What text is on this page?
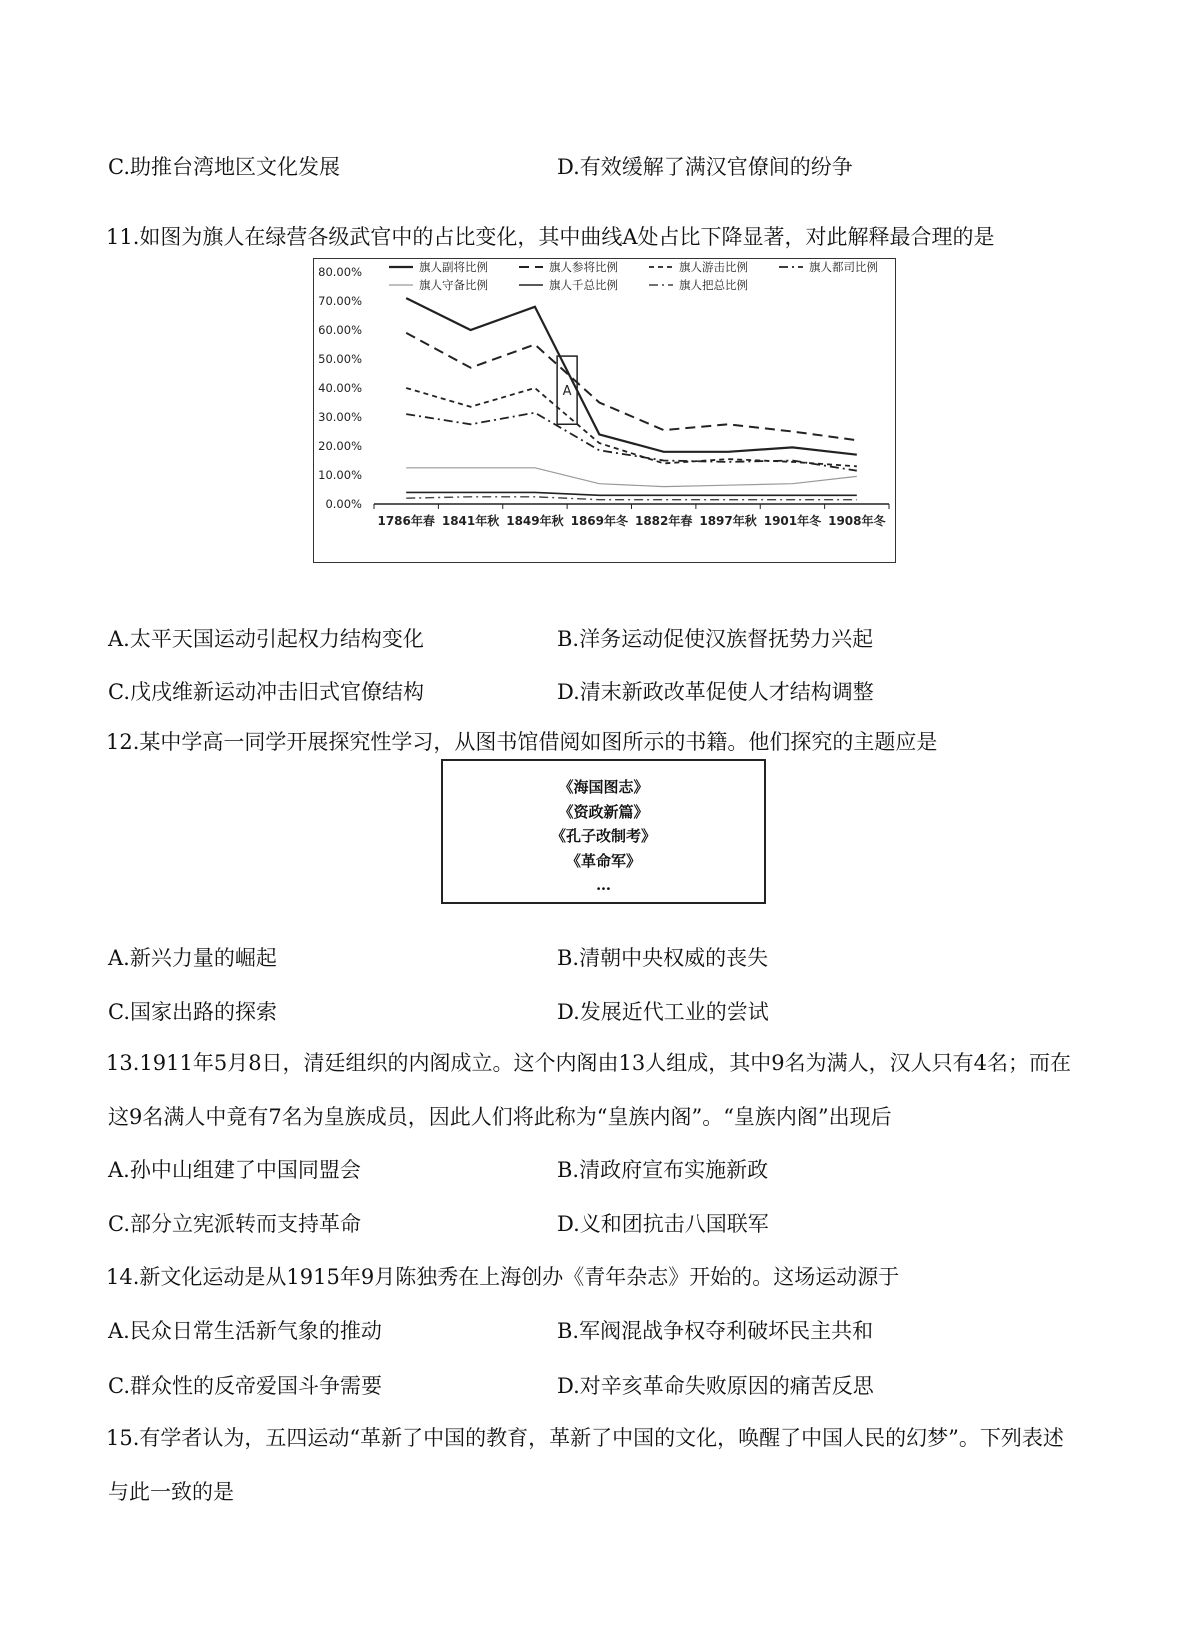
C.助推台湾地区文化发展	D.有效缓解了满汉官僚间的纷争
11.如图为旗人在绿营各级武官中的占比变化，其中曲线A处占比下降显著，对此解释最合理的是
0.00%
10.00%
20.00%
30.00%
40.00%
50.00%
60.00%
70.00%
80.00%
1786年春 1841年秋 1849年秋 1869年冬 1882年春 1897年秋 1901年冬 1908年冬
A
旗人副将比例	旗人参将比例	旗人游击比例	旗人都司比例
旗人守备比例	旗人千总比例	旗人把总比例
A.太平天国运动引起权力结构变化	B.洋务运动促使汉族督抚势力兴起
C.戊戌维新运动冲击旧式官僚结构	D.清末新政改革促使人才结构调整
12.某中学高一同学开展探究性学习，从图书馆借阅如图所示的书籍。他们探究的主题应是
《海国图志》
《资政新篇》
《孔子改制考》
《革命军》
…
A.新兴力量的崛起	B.清朝中央权威的丧失
C.国家出路的探索	D.发展近代工业的尝试
13.1911年5月8日，清廷组织的内阁成立。这个内阁由13人组成，其中9名为满人，汉人只有4名；而在
这9名满人中竟有7名为皇族成员，因此人们将此称为“皇族内阁”。“皇族内阁”出现后
A.孙中山组建了中国同盟会	B.清政府宣布实施新政
C.部分立宪派转而支持革命	D.义和团抗击八国联军
14.新文化运动是从1915年9月陈独秀在上海创办《青年杂志》开始的。这场运动源于
A.民众日常生活新气象的推动	B.军阀混战争权夺利破坏民主共和
C.群众性的反帝爱国斗争需要	D.对辛亥革命失败原因的痛苦反思
15.有学者认为，五四运动“革新了中国的教育，革新了中国的文化，唤醒了中国人民的幻梦”。下列表述
与此一致的是
